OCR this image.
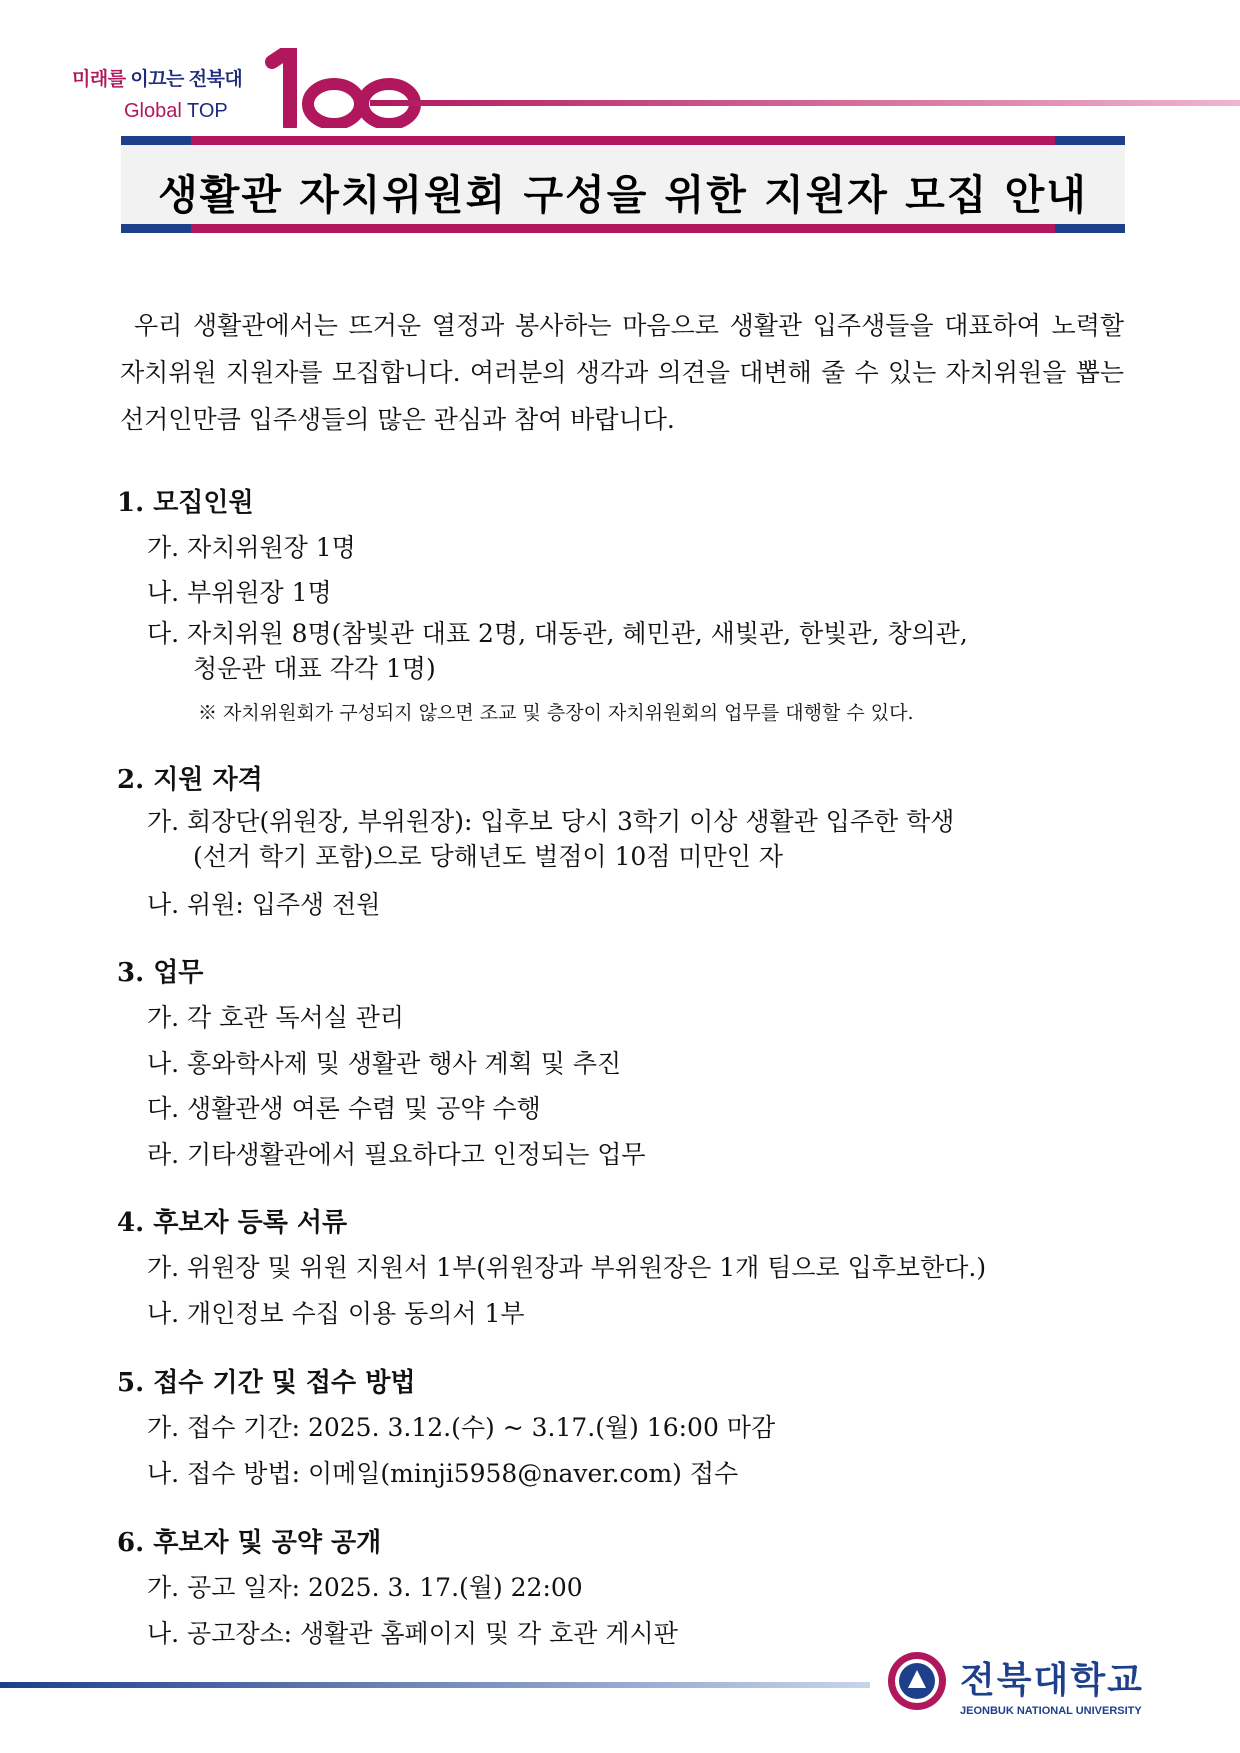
미래를 이끄는 전북대
Global TOP
생활관 자치위원회 구성을 위한 지원자 모집 안내

우리 생활관에서는 뜨거운 열정과 봉사하는 마음으로 생활관 입주생들을 대표하여 노력할 자치위원 지원자를 모집합니다. 여러분의 생각과 의견을 대변해 줄 수 있는 자치위원을 뽑는 선거인만큼 입주생들의 많은 관심과 참여 바랍니다.

1. 모집인원
가. 자치위원장 1명
나. 부위원장 1명
다. 자치위원 8명(참빛관 대표 2명, 대동관, 혜민관, 새빛관, 한빛관, 창의관,
청운관 대표 각각 1명)
※ 자치위원회가 구성되지 않으면 조교 및 층장이 자치위원회의 업무를 대행할 수 있다.
2. 지원 자격
가. 회장단(위원장, 부위원장): 입후보 당시 3학기 이상 생활관 입주한 학생
(선거 학기 포함)으로 당해년도 벌점이 10점 미만인 자
나. 위원: 입주생 전원
3. 업무
가. 각 호관 독서실 관리
나. 홍와학사제 및 생활관 행사 계획 및 추진
다. 생활관생 여론 수렴 및 공약 수행
라. 기타생활관에서 필요하다고 인정되는 업무
4. 후보자 등록 서류
가. 위원장 및 위원 지원서 1부(위원장과 부위원장은 1개 팀으로 입후보한다.)
나. 개인정보 수집 이용 동의서 1부
5. 접수 기간 및 접수 방법
가. 접수 기간: 2025. 3.12.(수) ~ 3.17.(월) 16:00 마감
나. 접수 방법: 이메일(minji5958@naver.com) 접수
6. 후보자 및 공약 공개
가. 공고 일자: 2025. 3. 17.(월) 22:00
나. 공고장소: 생활관 홈페이지 및 각 호관 게시판
전북대학교
JEONBUK NATIONAL UNIVERSITY
